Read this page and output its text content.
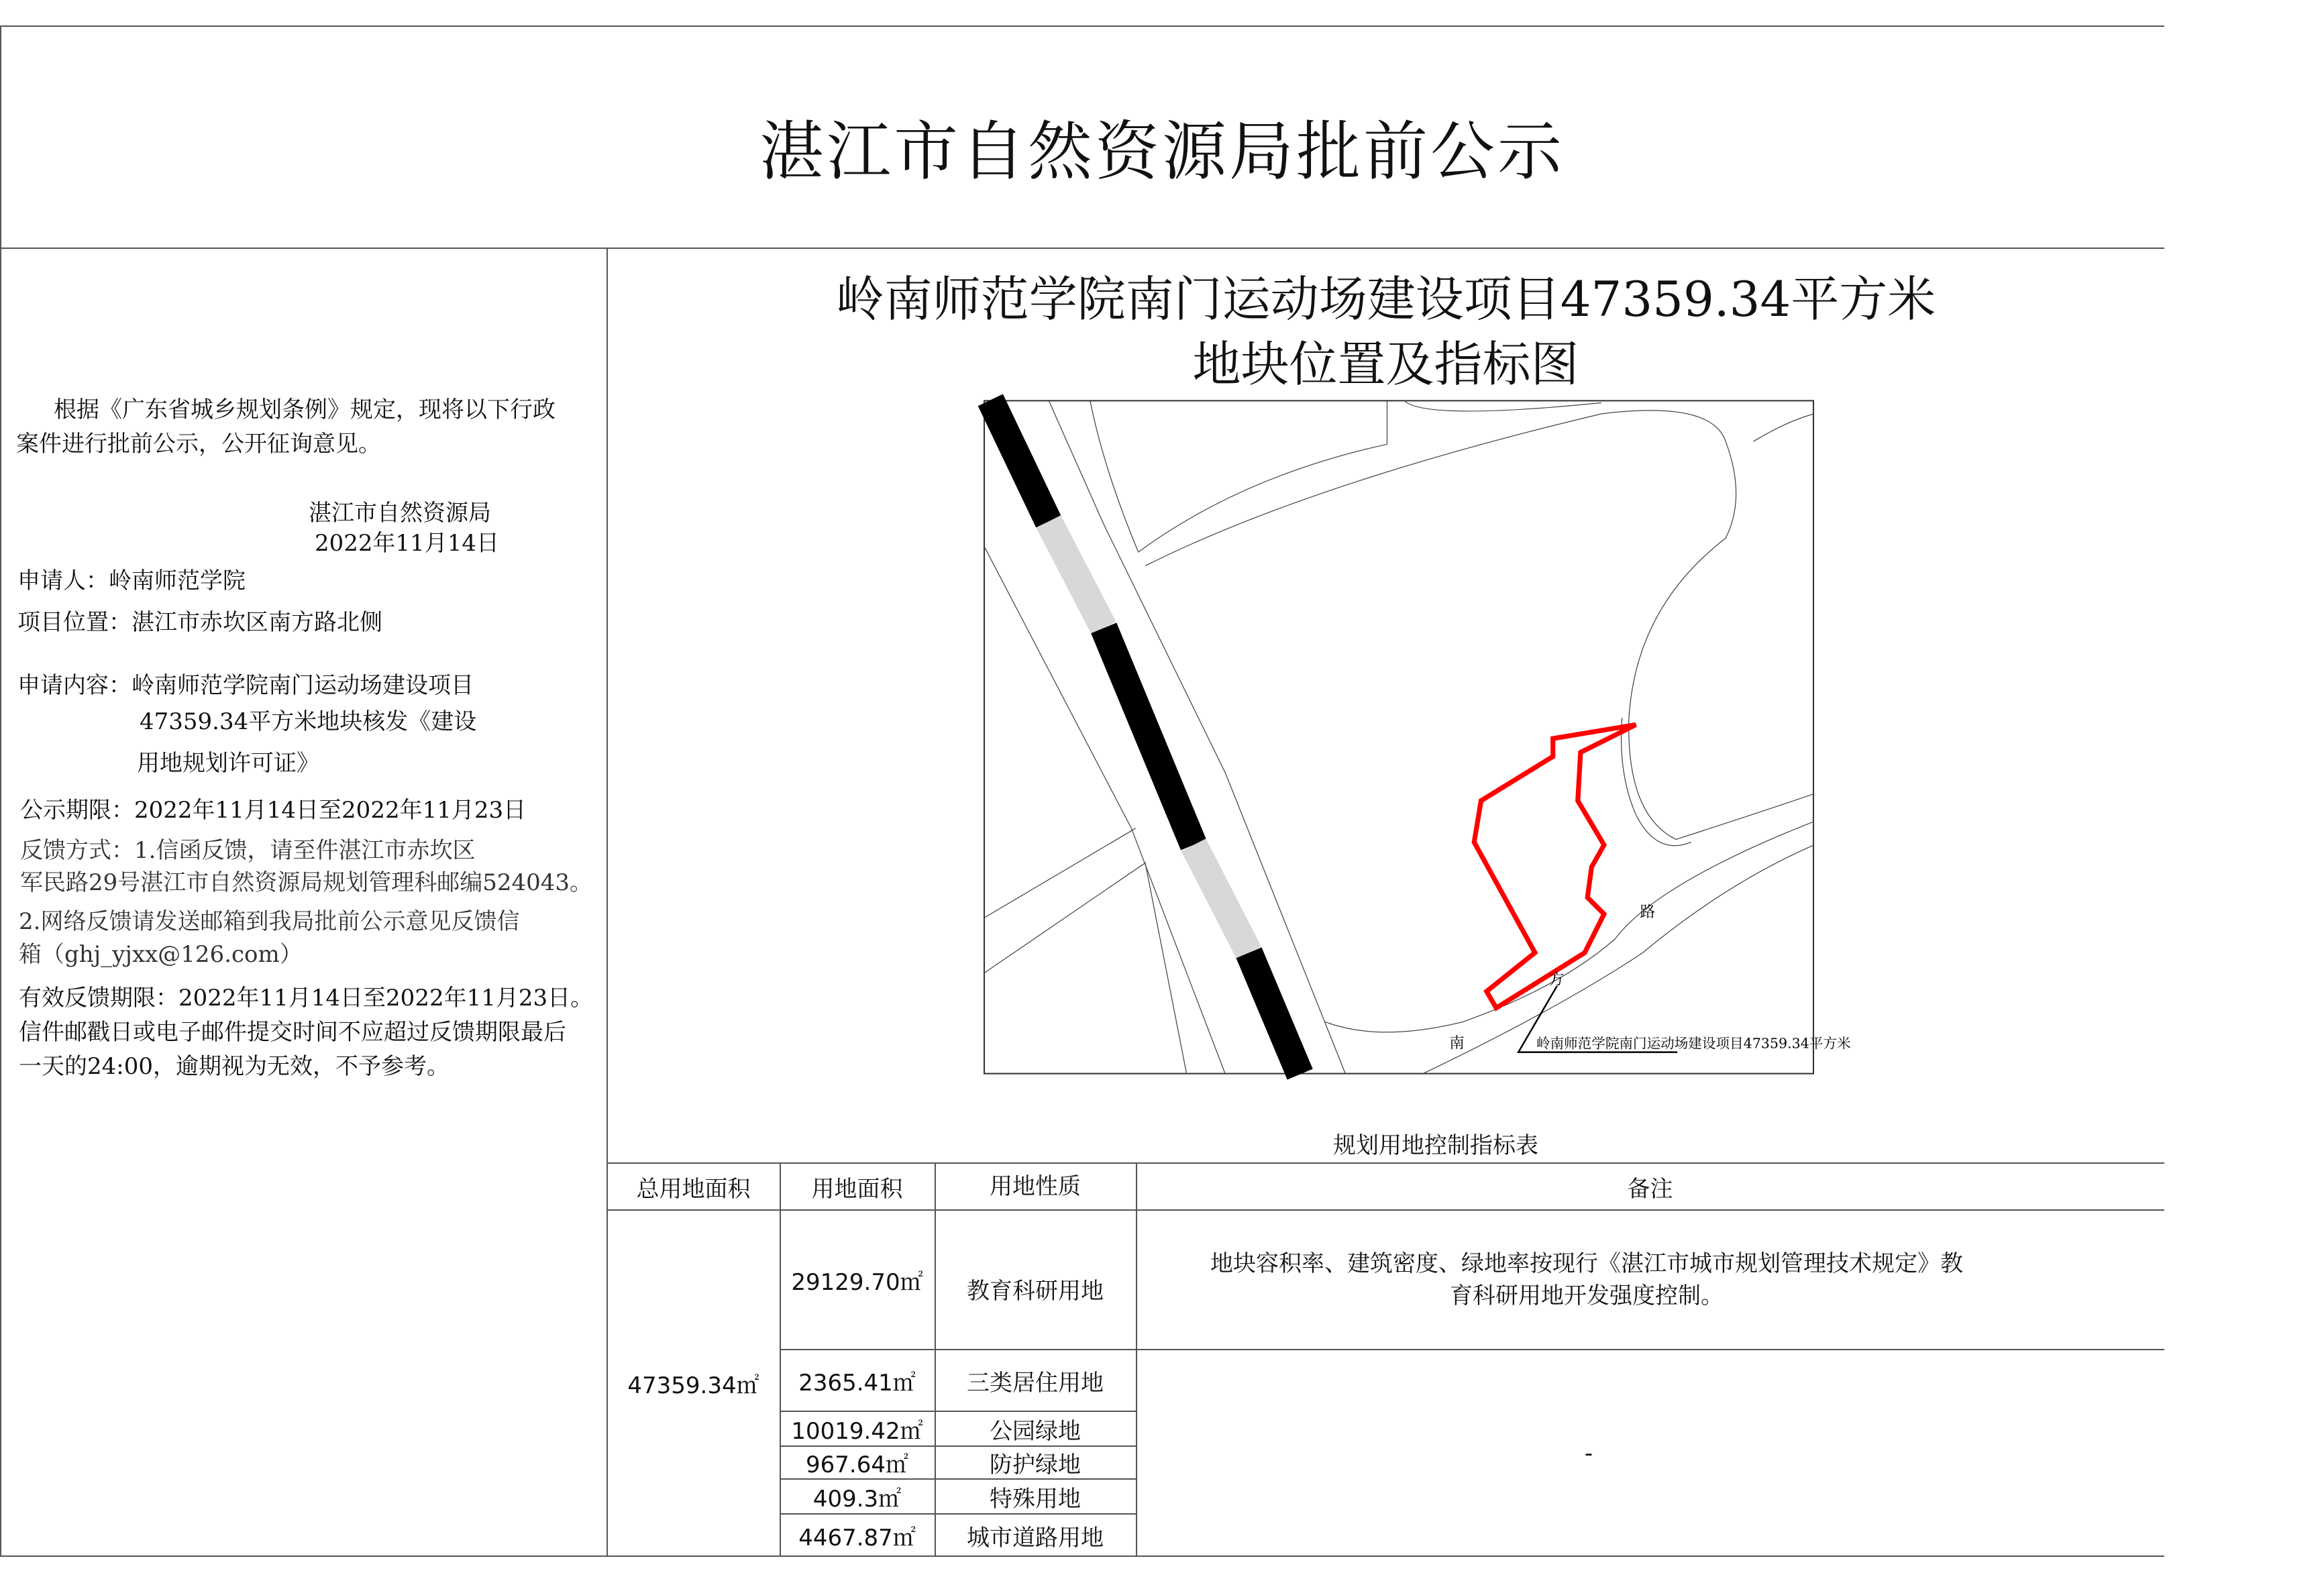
湛江市自然资源局批前公示
根据《广东省城乡规划条例》规定，现将以下行政
案件进行批前公示，公开征询意见。
湛江市自然资源局
2022年11月14日
申请人：岭南师范学院
项目位置：湛江市赤坎区南方路北侧
申请内容：岭南师范学院南门运动场建设项目
47359.34平方米地块核发《建设
用地规划许可证》
公示期限：2022年11月14日至2022年11月23日
反馈方式：1.信函反馈，请至件湛江市赤坎区
军民路29号湛江市自然资源局规划管理科邮编524043。
2.网络反馈请发送邮箱到我局批前公示意见反馈信
箱（ghj_yjxx@126.com）
有效反馈期限：2022年11月14日至2022年11月23日。
信件邮戳日或电子邮件提交时间不应超过反馈期限最后
一天的24:00，逾期视为无效，不予参考。
岭南师范学院南门运动场建设项目47359.34平方米
地块位置及指标图
南
方
路
岭南师范学院南门运动场建设项目47359.34平方米
规划用地控制指标表
总用地面积	用地面积	用地性质	备注
47359.34㎡
29129.70㎡	教育科研用地
地块容积率、建筑密度、绿地率按现行《湛江市城市规划管理技术规定》教育科研用地开发强度控制。
2365.41㎡	三类居住用地
10019.42㎡	公园绿地
967.64㎡	防护绿地
409.3㎡	特殊用地
4467.87㎡	城市道路用地
-
